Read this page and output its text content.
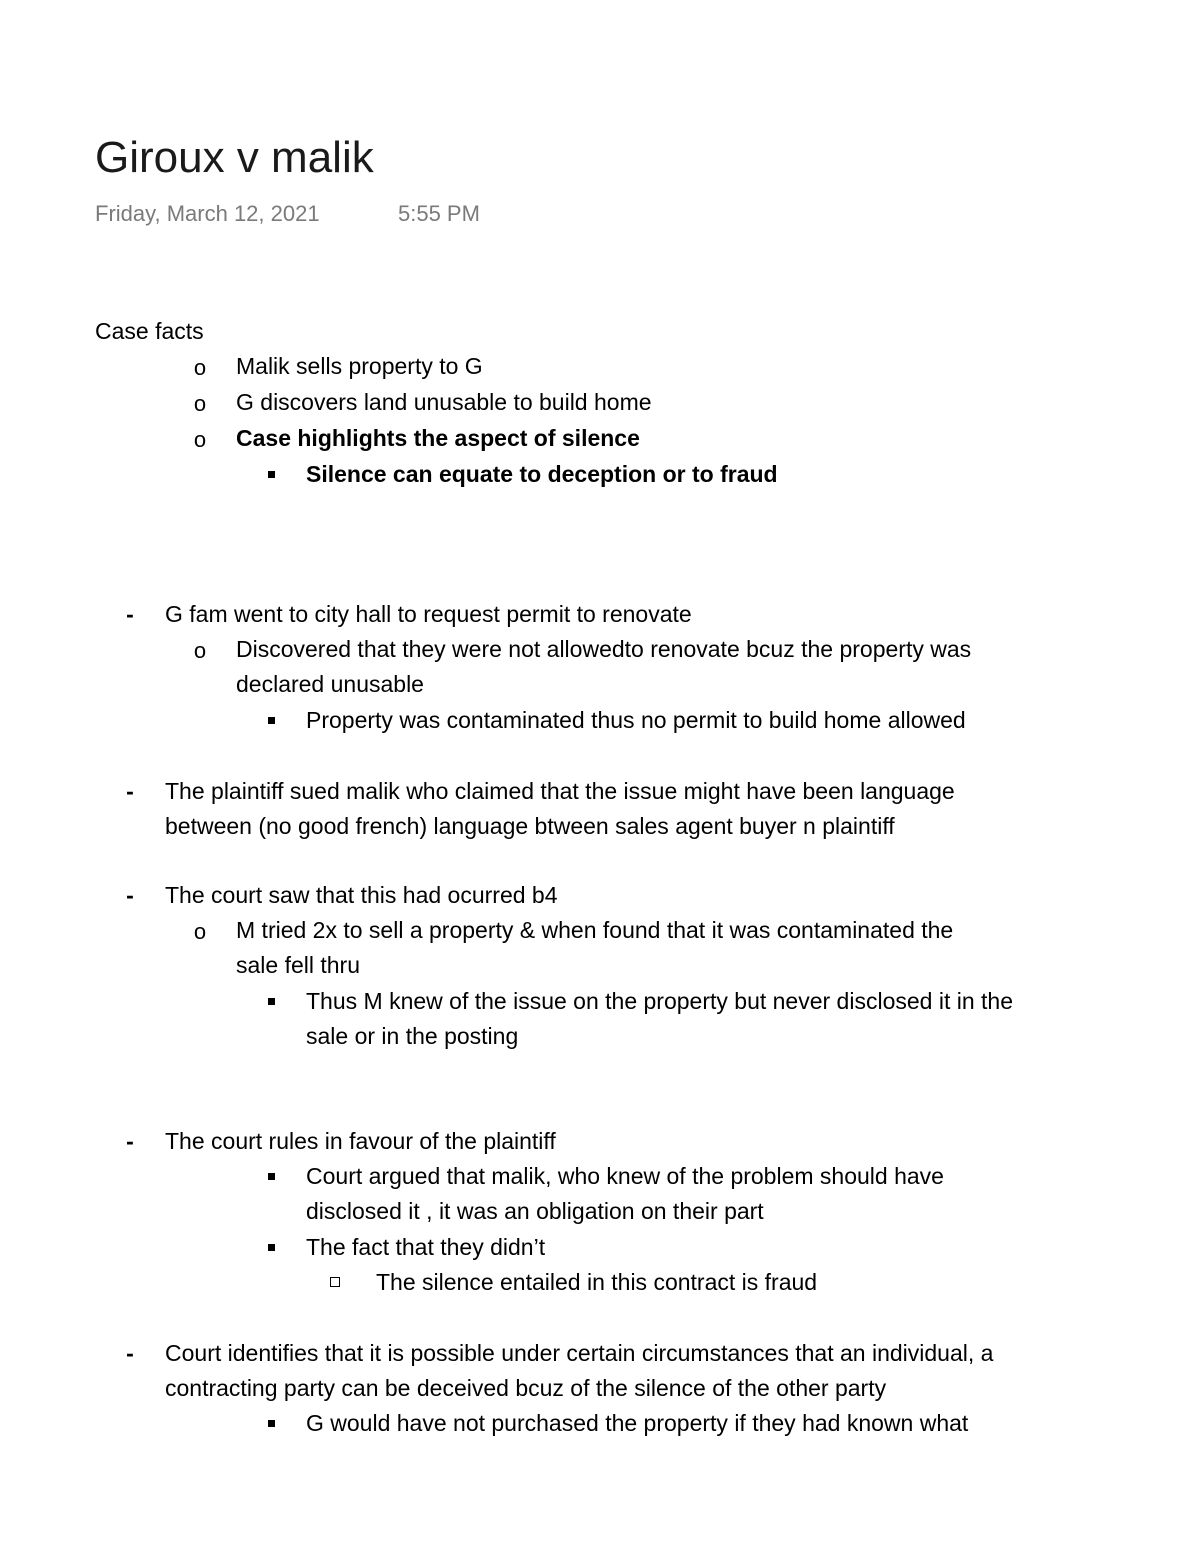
Giroux v malik
Friday, March 12, 2021	5:55 PM
Case facts
o Malik sells property to G
o G discovers land unusable to build home
o Case highlights the aspect of silence
Silence can equate to deception or to fraud
- G fam went to city hall to request permit to renovate
o Discovered that they were not allowedto renovate bcuz the property was
declared unusable
Property was contaminated thus no permit to build home allowed
- The plaintiff sued malik who claimed that the issue might have been language
between (no good french) language btween sales agent buyer n plaintiff
- The court saw that this had ocurred b4
o M tried 2x to sell a property & when found that it was contaminated the
sale fell thru
Thus M knew of the issue on the property but never disclosed it in the
sale or in the posting
- The court rules in favour of the plaintiff
Court argued that malik, who knew of the problem should have
disclosed it , it was an obligation on their part
The fact that they didn’t
The silence entailed in this contract is fraud
- Court identifies that it is possible under certain circumstances that an individual, a
contracting party can be deceived bcuz of the silence of the other party
G would have not purchased the property if they had known what
